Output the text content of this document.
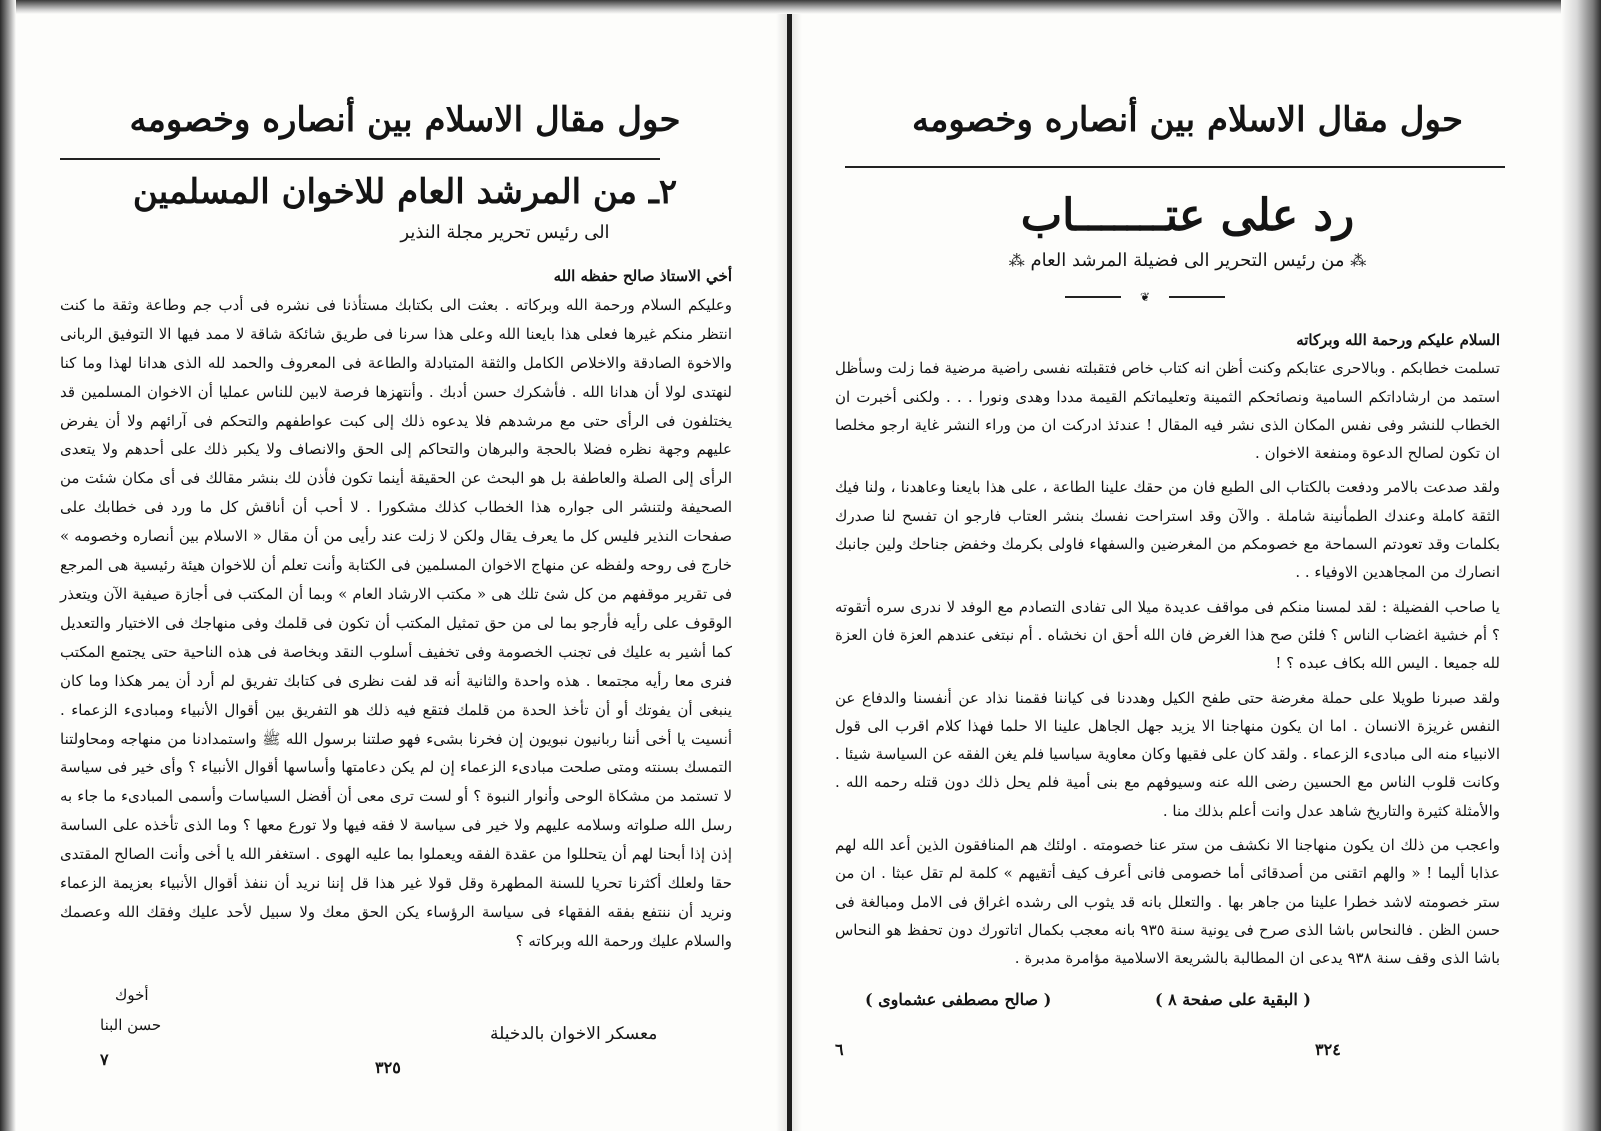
حول مقال الاسلام بين أنصاره وخصومه
٢ـ من المرشد العام للاخوان المسلمين
الى رئيس تحرير مجلة النذير

أخي الاستاذ صالح حفظه الله

وعليكم السلام ورحمة الله وبركاته . بعثت الى بكتابك مستأذنا فى نشره فى أدب جم وطاعة وثقة ما كنت انتظر منكم غيرها فعلى هذا بايعنا الله وعلى هذا سرنا فى طريق شائكة شاقة لا ممد فيها الا التوفيق الربانى والاخوة الصادقة والاخلاص الكامل والثقة المتبادلة والطاعة فى المعروف والحمد لله الذى هدانا لهذا وما كنا لنهتدى لولا أن هدانا الله . فأشكرك حسن أدبك . وأنتهزها فرصة لابين للناس عمليا أن الاخوان المسلمين قد يختلفون فى الرأى حتى مع مرشدهم فلا يدعوه ذلك إلى كبت عواطفهم والتحكم فى آرائهم ولا أن يفرض عليهم وجهة نظره فضلا بالحجة والبرهان والتحاكم إلى الحق والانصاف ولا يكبر ذلك على أحدهم ولا يتعدى الرأى إلى الصلة والعاطفة بل هو البحث عن الحقيقة أينما تكون فأذن لك بنشر مقالك فى أى مكان شئت من الصحيفة ولتنشر الى جواره هذا الخطاب كذلك مشكورا . لا أحب أن أناقش كل ما ورد فى خطابك على صفحات النذير فليس كل ما يعرف يقال ولكن لا زلت عند رأيى من أن مقال « الاسلام بين أنصاره وخصومه » خارج فى روحه ولفظه عن منهاج الاخوان المسلمين فى الكتابة وأنت تعلم أن للاخوان هيئة رئيسية هى المرجع فى تقرير موقفهم من كل شئ تلك هى « مكتب الارشاد العام » وبما أن المكتب فى أجازة صيفية الآن ويتعذر الوقوف على رأيه فأرجو بما لى من حق تمثيل المكتب أن تكون فى قلمك وفى منهاجك فى الاختيار والتعديل كما أشير به عليك فى تجنب الخصومة وفى تخفيف أسلوب النقد وبخاصة فى هذه الناحية حتى يجتمع المكتب فنرى معا رأيه مجتمعا . هذه واحدة والثانية أنه قد لفت نظرى فى كتابك تفريق لم أرد أن يمر هكذا وما كان ينبغى أن يفوتك أو أن تأخذ الحدة من قلمك فتقع فيه ذلك هو التفريق بين أقوال الأنبياء ومبادىء الزعماء . أنسيت يا أخى أننا ربانيون نبويون إن فخرنا بشىء فهو صلتنا برسول الله ﷺ واستمدادنا من منهاجه ومحاولتنا التمسك بسنته ومتى صلحت مبادىء الزعماء إن لم يكن دعامتها وأساسها أقوال الأنبياء ؟ وأى خير فى سياسة لا تستمد من مشكاة الوحى وأنوار النبوة ؟ أو لست ترى معى أن أفضل السياسات وأسمى المبادىء ما جاء به رسل الله صلواته وسلامه عليهم ولا خير فى سياسة لا فقه فيها ولا تورع معها ؟ وما الذى تأخذه على الساسة إذن إذا أبحنا لهم أن يتحللوا من عقدة الفقه ويعملوا بما عليه الهوى . استغفر الله يا أخى وأنت الصالح المقتدى حقا ولعلك أكثرنا تحريا للسنة المطهرة وقل قولا غير هذا قل إننا نريد أن ننفذ أقوال الأنبياء بعزيمة الزعماء ونريد أن ننتفع بفقه الفقهاء فى سياسة الرؤساء يكن الحق معك ولا سبيل لأحد عليك وفقك الله وعصمك والسلام عليك ورحمة الله وبركاته ؟

أخوك
حسن البنا	معسكر الاخوان بالدخيلة
٧	٣٢٥
حول مقال الاسلام بين أنصاره وخصومه
رد على عتـــــــاب
⁂ من رئيس التحرير الى فضيلة المرشد العام ⁂
❦

السلام عليكم ورحمة الله وبركاته

تسلمت خطابكم . وبالاحرى عتابكم وكنت أظن انه كتاب خاص فتقبلته نفسى راضية مرضية فما زلت وسأظل استمد من ارشاداتكم السامية ونصائحكم الثمينة وتعليماتكم القيمة مددا وهدى ونورا . . . ولكنى أخبرت ان الخطاب للنشر وفى نفس المكان الذى نشر فيه المقال ! عندئذ ادركت ان من وراء النشر غاية ارجو مخلصا ان تكون لصالح الدعوة ومنفعة الاخوان .

ولقد صدعت بالامر ودفعت بالكتاب الى الطبع فان من حقك علينا الطاعة ، على هذا بايعنا وعاهدنا ، ولنا فيك الثقة كاملة وعندك الطمأنينة شاملة . والآن وقد استراحت نفسك بنشر العتاب فارجو ان تفسح لنا صدرك بكلمات وقد تعودتم السماحة مع خصومكم من المغرضين والسفهاء فاولى بكرمك وخفض جناحك ولين جانبك انصارك من المجاهدين الاوفياء . .

يا صاحب الفضيلة : لقد لمسنا منكم فى مواقف عديدة ميلا الى تفادى التصادم مع الوفد لا ندرى سره أتقوته ؟ أم خشية اغضاب الناس ؟ فلئن صح هذا الغرض فان الله أحق ان نخشاه . أم نبتغى عندهم العزة فان العزة لله جميعا . اليس الله بكاف عبده ؟ !

ولقد صبرنا طويلا على حملة مغرضة حتى طفح الكيل وهددنا فى كياننا فقمنا نذاد عن أنفسنا والدفاع عن النفس غريزة الانسان . اما ان يكون منهاجنا الا يزيد جهل الجاهل علينا الا حلما فهذا كلام اقرب الى قول الانبياء منه الى مبادىء الزعماء . ولقد كان على فقيها وكان معاوية سياسيا فلم يغن الفقه عن السياسة شيئا . وكانت قلوب الناس مع الحسين رضى الله عنه وسيوفهم مع بنى أمية فلم يحل ذلك دون قتله رحمه الله . والأمثلة كثيرة والتاريخ شاهد عدل وانت أعلم بذلك منا .

واعجب من ذلك ان يكون منهاجنا الا نكشف من ستر عنا خصومته . اولئك هم المنافقون الذين أعد الله لهم عذابا أليما ! « والهم اتقنى من أصدقائى أما خصومى فانى أعرف كيف أتقيهم » كلمة لم تقل عبثا . ان من ستر خصومته لاشد خطرا علينا من جاهر بها . والتعلل بانه قد يثوب الى رشده اغراق فى الامل ومبالغة فى حسن الظن . فالنحاس باشا الذى صرح فى يونية سنة ٩٣٥ بانه معجب بكمال اتاتورك دون تحفظ هو النحاس باشا الذى وقف سنة ٩٣٨ يدعى ان المطالبة بالشريعة الاسلامية مؤامرة مدبرة .

( البقية على صفحة ٨ )
( صالح مصطفى عشماوى )
٦	٣٢٤
